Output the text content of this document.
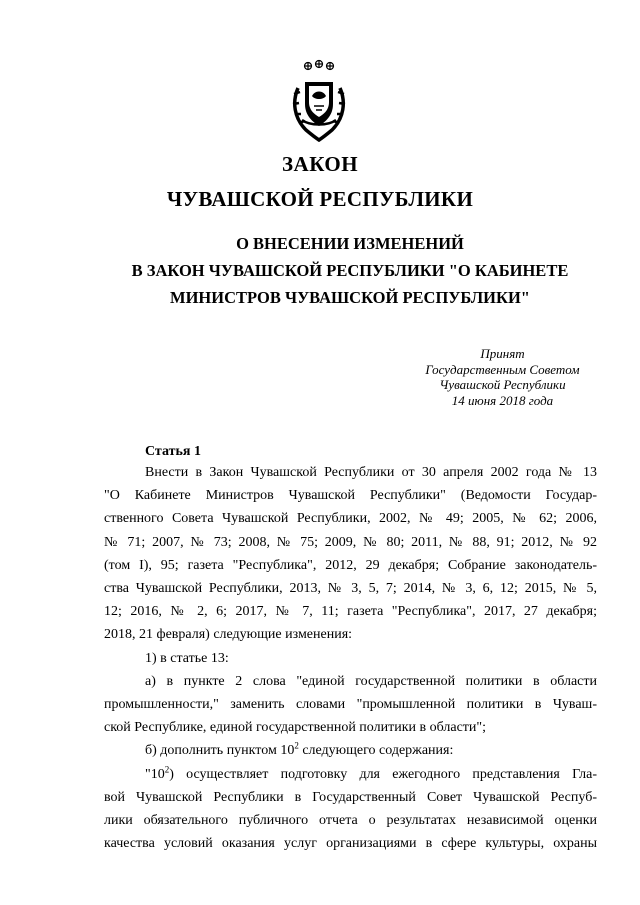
ЗАКОН
ЧУВАШСКОЙ РЕСПУБЛИКИ
О ВНЕСЕНИИ ИЗМЕНЕНИЙ
В ЗАКОН ЧУВАШСКОЙ РЕСПУБЛИКИ "О КАБИНЕТЕ
МИНИСТРОВ ЧУВАШСКОЙ РЕСПУБЛИКИ"
Принят
Государственным Советом
Чувашской Республики
14 июня 2018 года
Статья 1
Внести в Закон Чувашской Республики от 30 апреля 2002 года № 13
"О Кабинете Министров Чувашской Республики" (Ведомости Государ-
ственного Совета Чувашской Республики, 2002, № 49; 2005, № 62; 2006,
№ 71; 2007, № 73; 2008, № 75; 2009, № 80; 2011, № 88, 91; 2012, № 92
(том I), 95; газета "Республика", 2012, 29 декабря; Собрание законодатель-
ства Чувашской Республики, 2013, № 3, 5, 7; 2014, № 3, 6, 12; 2015, № 5,
12; 2016, № 2, 6; 2017, № 7, 11; газета "Республика", 2017, 27 декабря;
2018, 21 февраля) следующие изменения:
1) в статье 13:
а) в пункте 2 слова "единой государственной политики в области
промышленности," заменить словами "промышленной политики в Чуваш-
ской Республике, единой государственной политики в области";
б) дополнить пунктом $10^2$ следующего содержания:
"$10^2$) осуществляет подготовку для ежегодного представления Гла-
вой Чувашской Республики в Государственный Совет Чувашской Респуб-
лики обязательного публичного отчета о результатах независимой оценки
качества условий оказания услуг организациями в сфере культуры, охраны
